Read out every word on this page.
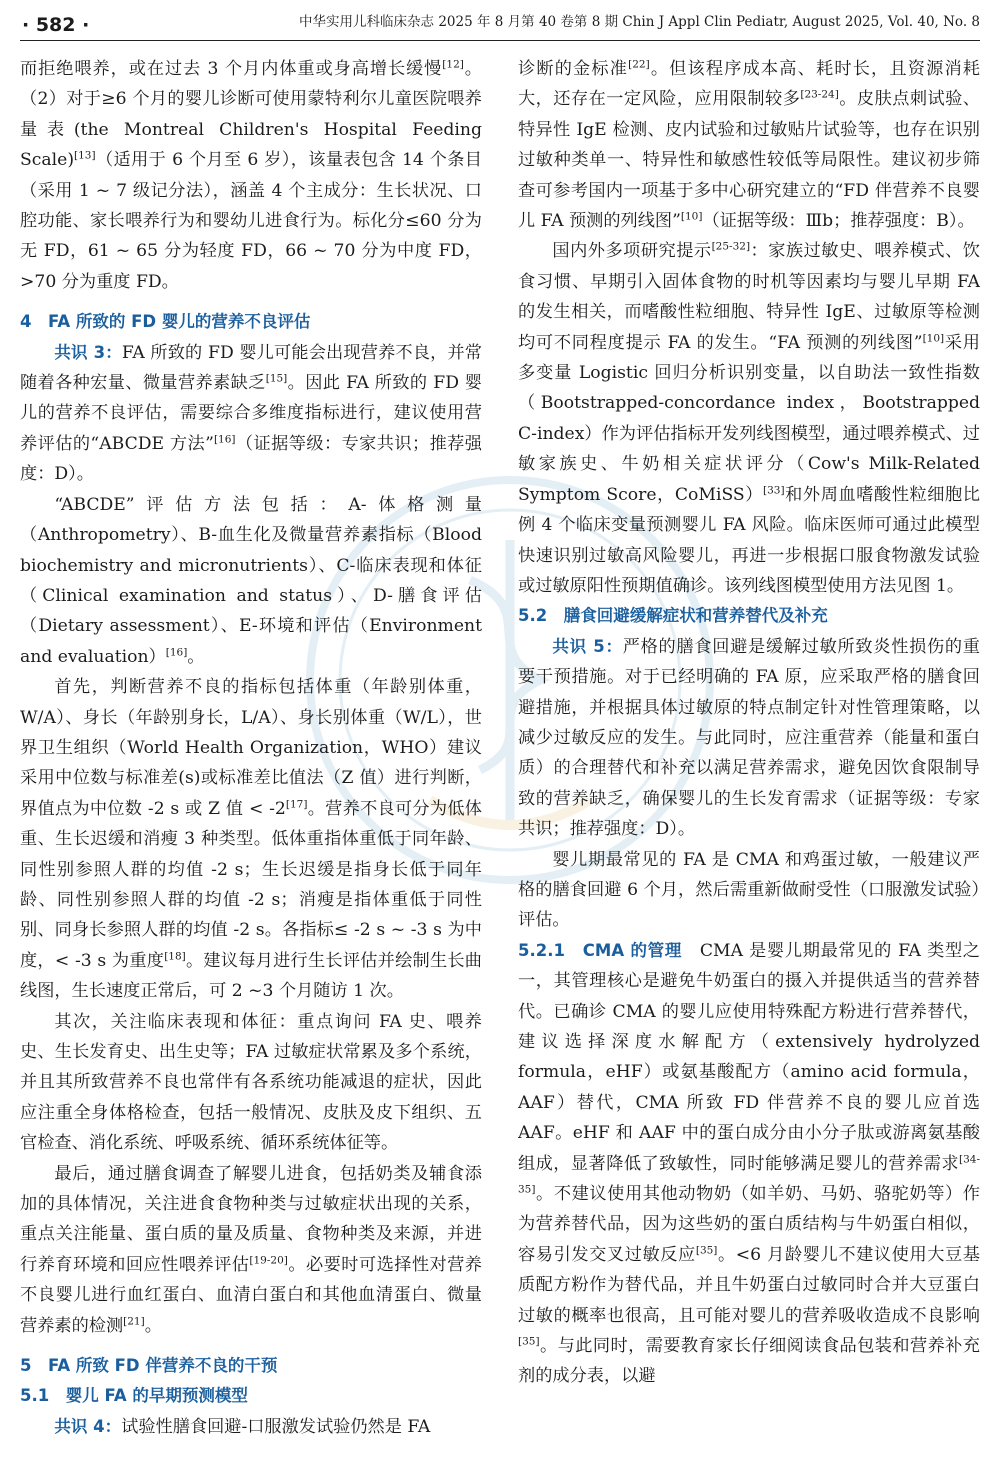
· 582 ·	中华实用儿科临床杂志 2025 年 8 月第 40 卷第 8 期 Chin J Appl Clin Pediatr, August 2025, Vol. 40, No. 8

而拒绝喂养，或在过去 3 个月内体重或身高增长缓慢[12]。（2）对于≥6 个月的婴儿诊断可使用蒙特利尔儿童医院喂养量表(the Montreal Children's Hospital Feeding Scale)[13]（适用于 6 个月至 6 岁），该量表包含 14 个条目（采用 1 ~ 7 级记分法），涵盖 4 个主成分：生长状况、口腔功能、家长喂养行为和婴幼儿进食行为。标化分≤60 分为无 FD，61 ~ 65 分为轻度 FD，66 ~ 70 分为中度 FD，>70 分为重度 FD。

4　FA 所致的 FD 婴儿的营养不良评估

共识 3：FA 所致的 FD 婴儿可能会出现营养不良，并常随着各种宏量、微量营养素缺乏[15]。因此 FA 所致的 FD 婴儿的营养不良评估，需要综合多维度指标进行，建议使用营养评估的“ABCDE 方法”[16]（证据等级：专家共识；推荐强度：D）。

“ABCDE”评估方法包括：A-体格测量（Anthropometry）、B-血生化及微量营养素指标（Blood biochemistry and micronutrients）、C-临床表现和体征（Clinical examination and status）、D-膳食评估（Dietary assessment）、E-环境和评估（Environment and evaluation）[16]。

首先，判断营养不良的指标包括体重（年龄别体重，W/A）、身长（年龄别身长，L/A）、身长别体重（W/L），世界卫生组织（World Health Organization，WHO）建议采用中位数与标准差(s)或标准差比值法（Z 值）进行判断，界值点为中位数 -2 s 或 Z 值 < -2[17]。营养不良可分为低体重、生长迟缓和消瘦 3 种类型。低体重指体重低于同年龄、同性别参照人群的均值 -2 s；生长迟缓是指身长低于同年龄、同性别参照人群的均值 -2 s；消瘦是指体重低于同性别、同身长参照人群的均值 -2 s。各指标≤ -2 s ~ -3 s 为中度，< -3 s 为重度[18]。建议每月进行生长评估并绘制生长曲线图，生长速度正常后，可 2 ~3 个月随访 1 次。

其次，关注临床表现和体征：重点询问 FA 史、喂养史、生长发育史、出生史等；FA 过敏症状常累及多个系统，并且其所致营养不良也常伴有各系统功能减退的症状，因此应注重全身体格检查，包括一般情况、皮肤及皮下组织、五官检查、消化系统、呼吸系统、循环系统体征等。

最后，通过膳食调查了解婴儿进食，包括奶类及辅食添加的具体情况，关注进食食物种类与过敏症状出现的关系，重点关注能量、蛋白质的量及质量、食物种类及来源，并进行养育环境和回应性喂养评估[19-20]。必要时可选择性对营养不良婴儿进行血红蛋白、血清白蛋白和其他血清蛋白、微量营养素的检测[21]。

5　FA 所致 FD 伴营养不良的干预
5.1　婴儿 FA 的早期预测模型

共识 4：试验性膳食回避-口服激发试验仍然是 FA

诊断的金标准[22]。但该程序成本高、耗时长，且资源消耗大，还存在一定风险，应用限制较多[23-24]。皮肤点刺试验、特异性 IgE 检测、皮内试验和过敏贴片试验等，也存在识别过敏种类单一、特异性和敏感性较低等局限性。建议初步筛查可参考国内一项基于多中心研究建立的“FD 伴营养不良婴儿 FA 预测的列线图”[10]（证据等级：Ⅲb；推荐强度：B）。

国内外多项研究提示[25-32]：家族过敏史、喂养模式、饮食习惯、早期引入固体食物的时机等因素均与婴儿早期 FA 的发生相关，而嗜酸性粒细胞、特异性 IgE、过敏原等检测均可不同程度提示 FA 的发生。“FA 预测的列线图”[10]采用多变量 Logistic 回归分析识别变量，以自助法一致性指数（Bootstrapped-concordance index，Bootstrapped C-index）作为评估指标开发列线图模型，通过喂养模式、过敏家族史、牛奶相关症状评分（Cow's Milk-Related Symptom Score，CoMiSS）[33]和外周血嗜酸性粒细胞比例 4 个临床变量预测婴儿 FA 风险。临床医师可通过此模型快速识别过敏高风险婴儿，再进一步根据口服食物激发试验或过敏原阳性预期值确诊。该列线图模型使用方法见图 1。

5.2　膳食回避缓解症状和营养替代及补充

共识 5：严格的膳食回避是缓解过敏所致炎性损伤的重要干预措施。对于已经明确的 FA 原，应采取严格的膳食回避措施，并根据具体过敏原的特点制定针对性管理策略，以减少过敏反应的发生。与此同时，应注重营养（能量和蛋白质）的合理替代和补充以满足营养需求，避免因饮食限制导致的营养缺乏，确保婴儿的生长发育需求（证据等级：专家共识；推荐强度：D）。

婴儿期最常见的 FA 是 CMA 和鸡蛋过敏，一般建议严格的膳食回避 6 个月，然后需重新做耐受性（口服激发试验）评估。

5.2.1　CMA 的管理　CMA 是婴儿期最常见的 FA 类型之一，其管理核心是避免牛奶蛋白的摄入并提供适当的营养替代。已确诊 CMA 的婴儿应使用特殊配方粉进行营养替代，建议选择深度水解配方（extensively hydrolyzed formula，eHF）或氨基酸配方（amino acid formula，AAF）替代，CMA 所致 FD 伴营养不良的婴儿应首选 AAF。eHF 和 AAF 中的蛋白成分由小分子肽或游离氨基酸组成，显著降低了致敏性，同时能够满足婴儿的营养需求[34-35]。不建议使用其他动物奶（如羊奶、马奶、骆驼奶等）作为营养替代品，因为这些奶的蛋白质结构与牛奶蛋白相似，容易引发交叉过敏反应[35]。<6 月龄婴儿不建议使用大豆基质配方粉作为替代品，并且牛奶蛋白过敏同时合并大豆蛋白过敏的概率也很高，且可能对婴儿的营养吸收造成不良影响[35]。与此同时，需要教育家长仔细阅读食品包装和营养补充剂的成分表，以避
